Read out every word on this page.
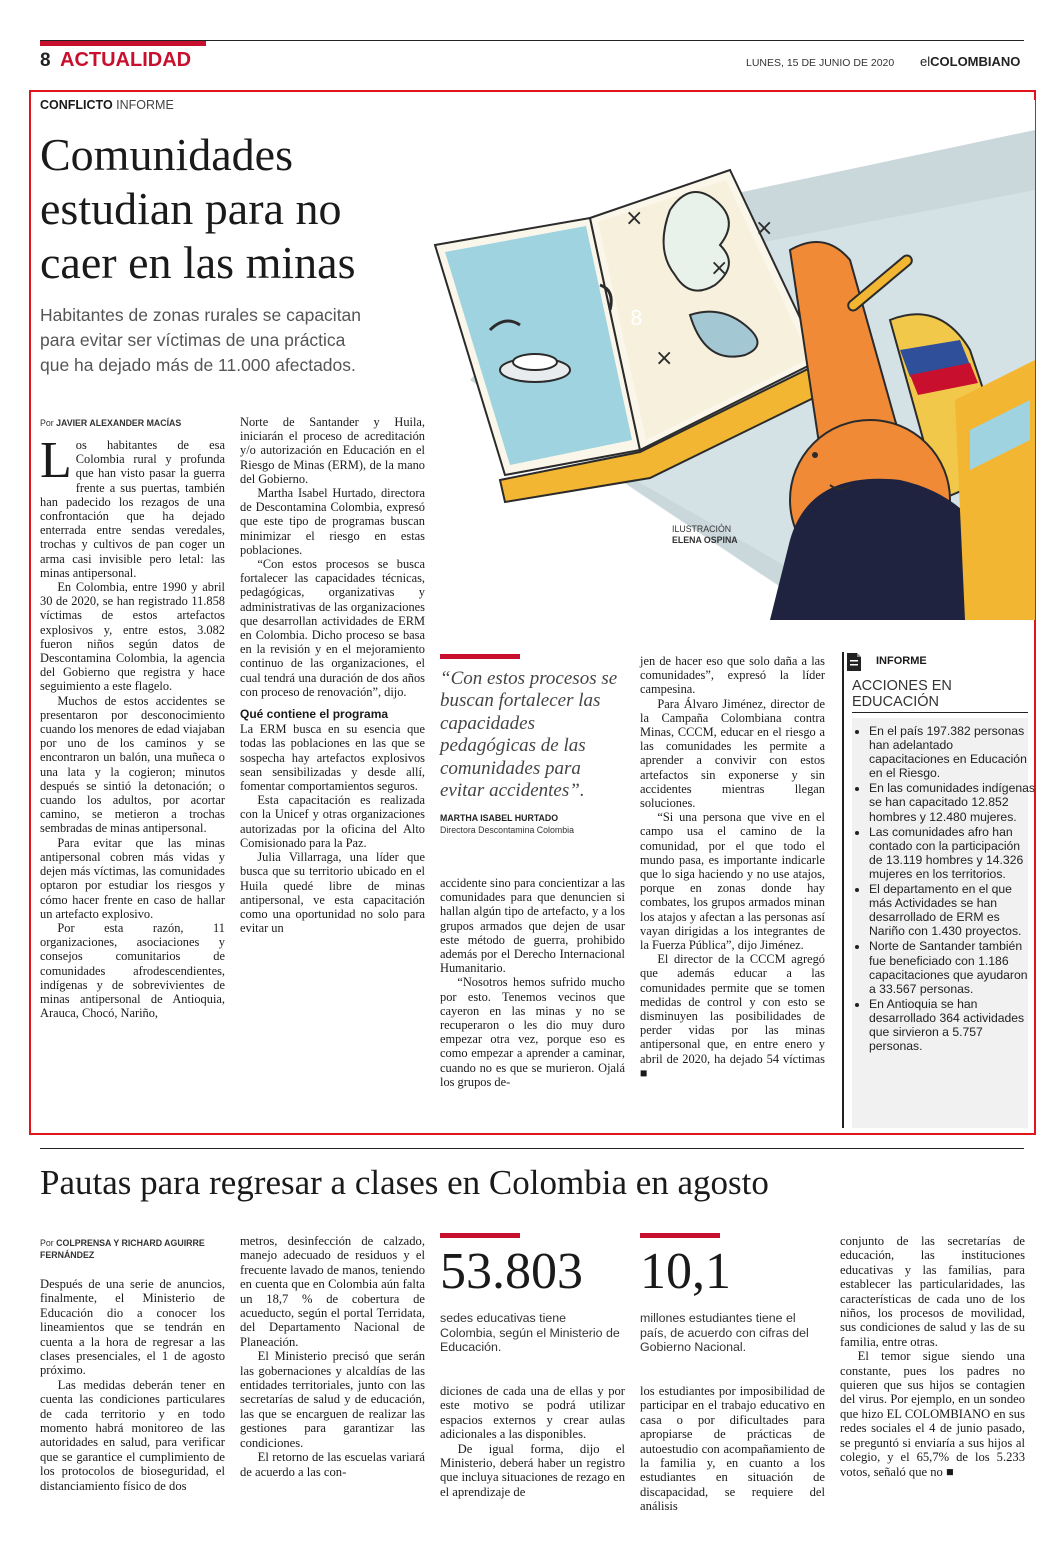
8 ACTUALIDAD	LUNES, 15 DE JUNIO DE 2020 elCOLOMBIANO
CONFLICTO INFORME
Comunidades
estudian para no
caer en las minas
Habitantes de zonas rurales se capacitan
para evitar ser víctimas de una práctica
que ha dejado más de 11.000 afectados.
×	×
×
×
8
ILUSTRACIÓN
ELENA OSPINA
Por JAVIER ALEXANDER MACÍAS

Los habitantes de esa Colombia rural y profunda que han visto pasar la guerra frente a sus puertas, también han padecido los rezagos de una confrontación que ha dejado enterrada entre sendas veredales, trochas y cultivos de pan coger un arma casi invisible pero letal: las minas antipersonal.

En Colombia, entre 1990 y abril 30 de 2020, se han registrado 11.858 víctimas de estos artefactos explosivos y, entre estos, 3.082 fueron niños según datos de Descontamina Colombia, la agencia del Gobierno que registra y hace seguimiento a este flagelo.

Muchos de estos accidentes se presentaron por desconocimiento cuando los menores de edad viajaban por uno de los caminos y se encontraron un balón, una muñeca o una lata y la cogieron; minutos después se sintió la detonación; o cuando los adultos, por acortar camino, se metieron a trochas sembradas de minas antipersonal.

Para evitar que las minas antipersonal cobren más vidas y dejen más víctimas, las comunidades optaron por estudiar los riesgos y cómo hacer frente en caso de hallar un artefacto explosivo.

Por esta razón, 11 organizaciones, asociaciones y consejos comunitarios de comunidades afrodescendientes, indígenas y de sobrevivientes de minas antipersonal de Antioquia, Arauca, Chocó, Nariño,

Norte de Santander y Huila, iniciarán el proceso de acreditación y/o autorización en Educación en el Riesgo de Minas (ERM), de la mano del Gobierno.

Martha Isabel Hurtado, directora de Descontamina Colombia, expresó que este tipo de programas buscan minimizar el riesgo en estas poblaciones.

“Con estos procesos se busca fortalecer las capacidades técnicas, pedagógicas, organizativas y administrativas de las organizaciones que desarrollan actividades de ERM en Colombia. Dicho proceso se basa en la revisión y en el mejoramiento continuo de las organizaciones, el cual tendrá una duración de dos años con proceso de renovación”, dijo.

Qué contiene el programa

La ERM busca en su esencia que todas las poblaciones en las que se sospecha hay artefactos explosivos sean sensibilizadas y desde allí, fomentar comportamientos seguros.

Esta capacitación es realizada con la Unicef y otras organizaciones autorizadas por la oficina del Alto Comisionado para la Paz.

Julia Villarraga, una líder que busca que su territorio ubicado en el Huila quedé libre de minas antipersonal, ve esta capacitación como una oportunidad no solo para evitar un

“Con estos procesos se buscan fortalecer las capacidades pedagógicas de las comunidades para evitar accidentes”.
MARTHA ISABEL HURTADO
Directora Descontamina Colombia

accidente sino para concientizar a las comunidades para que denuncien si hallan algún tipo de artefacto, y a los grupos armados que dejen de usar este método de guerra, prohibido además por el Derecho Internacional Humanitario.

“Nosotros hemos sufrido mucho por esto. Tenemos vecinos que cayeron en las minas y no se recuperaron o les dio muy duro empezar otra vez, porque eso es como empezar a aprender a caminar, cuando no es que se murieron. Ojalá los grupos de-

jen de hacer eso que solo daña a las comunidades”, expresó la líder campesina.

Para Álvaro Jiménez, director de la Campaña Colombiana contra Minas, CCCM, educar en el riesgo a las comunidades les permite a aprender a convivir con estos artefactos sin exponerse y sin accidentes mientras llegan soluciones.

“Si una persona que vive en el campo usa el camino de la comunidad, por el que todo el mundo pasa, es importante indicarle que lo siga haciendo y no use atajos, porque en zonas donde hay combates, los grupos armados minan los atajos y afectan a las personas así vayan dirigidas a los integrantes de la Fuerza Pública”, dijo Jiménez.

El director de la CCCM agregó que además educar a las comunidades permite que se tomen medidas de control y con esto se disminuyen las posibilidades de perder vidas por las minas antipersonal que, en entre enero y abril de 2020, ha dejado 54 víctimas ■

INFORME
ACCIONES EN
EDUCACIÓN
• En el país 197.382 personas han adelantado capacitaciones en Educación en el Riesgo.
• En las comunidades indígenas se han capacitado 12.852 hombres y 12.480 mujeres.
• Las comunidades afro han contado con la participación de 13.119 hombres y 14.326 mujeres en los territorios.
• El departamento en el que más Actividades se han desarrollado de ERM es Nariño con 1.430 proyectos.
• Norte de Santander también fue beneficiado con 1.186 capacitaciones que ayudaron a 33.567 personas.
• En Antioquia se han desarrollado 364 actividades que sirvieron a 5.757 personas.
Pautas para regresar a clases en Colombia en agosto
Por COLPRENSA Y RICHARD AGUIRRE FERNÁNDEZ

Después de una serie de anuncios, finalmente, el Ministerio de Educación dio a conocer los lineamientos que se tendrán en cuenta a la hora de regresar a las clases presenciales, el 1 de agosto próximo.

Las medidas deberán tener en cuenta las condiciones particulares de cada territorio y en todo momento habrá monitoreo de las autoridades en salud, para verificar que se garantice el cumplimiento de los protocolos de bioseguridad, el distanciamiento físico de dos

metros, desinfección de calzado, manejo adecuado de residuos y el frecuente lavado de manos, teniendo en cuenta que en Colombia aún falta un 18,7 % de cobertura de acueducto, según el portal Terridata, del Departamento Nacional de Planeación.

El Ministerio precisó que serán las gobernaciones y alcaldías de las entidades territoriales, junto con las secretarías de salud y de educación, las que se encarguen de realizar las gestiones para garantizar las condiciones.

El retorno de las escuelas variará de acuerdo a las con-

53.803
sedes educativas tiene Colombia, según el Ministerio de Educación.
10,1
millones estudiantes tiene el país, de acuerdo con cifras del Gobierno Nacional.

diciones de cada una de ellas y por este motivo se podrá utilizar espacios externos y crear aulas adicionales a las disponibles.

De igual forma, dijo el Ministerio, deberá haber un registro que incluya situaciones de rezago en el aprendizaje de

los estudiantes por imposibilidad de participar en el trabajo educativo en casa o por dificultades para apropiarse de prácticas de autoestudio con acompañamiento de la familia y, en cuanto a los estudiantes en situación de discapacidad, se requiere del análisis

conjunto de las secretarías de educación, las instituciones educativas y las familias, para establecer las particularidades, las características de cada uno de los niños, los procesos de movilidad, sus condiciones de salud y las de su familia, entre otras.

El temor sigue siendo una constante, pues los padres no quieren que sus hijos se contagien del virus. Por ejemplo, en un sondeo que hizo EL COLOMBIANO en sus redes sociales el 4 de junio pasado, se preguntó si enviaría a sus hijos al colegio, y el 65,7% de los 5.233 votos, señaló que no ■
